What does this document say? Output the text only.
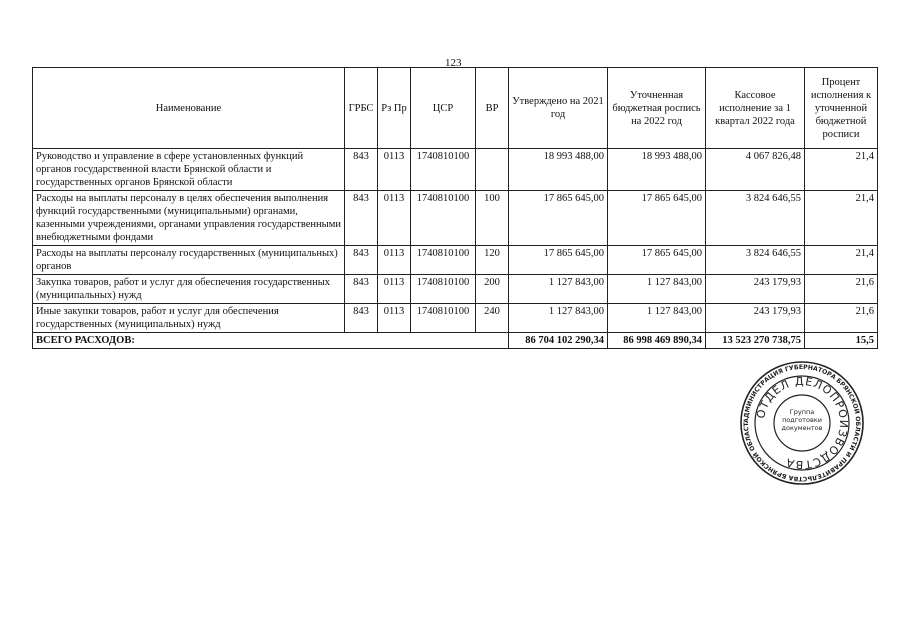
123
Наименование	ГРБС	Рз Пр	ЦСР	ВР	Утверждено на 2021 год	Уточненная бюджетная роспись на 2022 год	Кассовое исполнение за 1 квартал 2022 года	Процент исполнения к уточненной бюджетной росписи
Руководство и управление в сфере установленных функций органов государственной власти Брянской области и государственных органов Брянской области	843	0113	1740810100		18 993 488,00	18 993 488,00	4 067 826,48	21,4
Расходы на выплаты персоналу в целях обеспечения выполнения функций государственными (муниципальными) органами, казенными учреждениями, органами управления государственными внебюджетными фондами	843	0113	1740810100	100	17 865 645,00	17 865 645,00	3 824 646,55	21,4
Расходы на выплаты персоналу государственных (муниципальных) органов	843	0113	1740810100	120	17 865 645,00	17 865 645,00	3 824 646,55	21,4
Закупка товаров, работ и услуг для обеспечения государственных (муниципальных) нужд	843	0113	1740810100	200	1 127 843,00	1 127 843,00	243 179,93	21,6
Иные закупки товаров, работ и услуг для обеспечения государственных (муниципальных) нужд	843	0113	1740810100	240	1 127 843,00	1 127 843,00	243 179,93	21,6
ВСЕГО РАСХОДОВ:					86 704 102 290,34	86 998 469 890,34	13 523 270 738,75	15,5
АДМИНИСТРАЦИЯ ГУБЕРНАТОРА БРЯНСКОЙ ОБЛАСТИ И ПРАВИТЕЛЬСТВА БРЯНСКОЙ ОБЛАСТ
ОТДЕЛ ДЕЛОПРОИЗВОДСТВА
Группа подготовки документов
